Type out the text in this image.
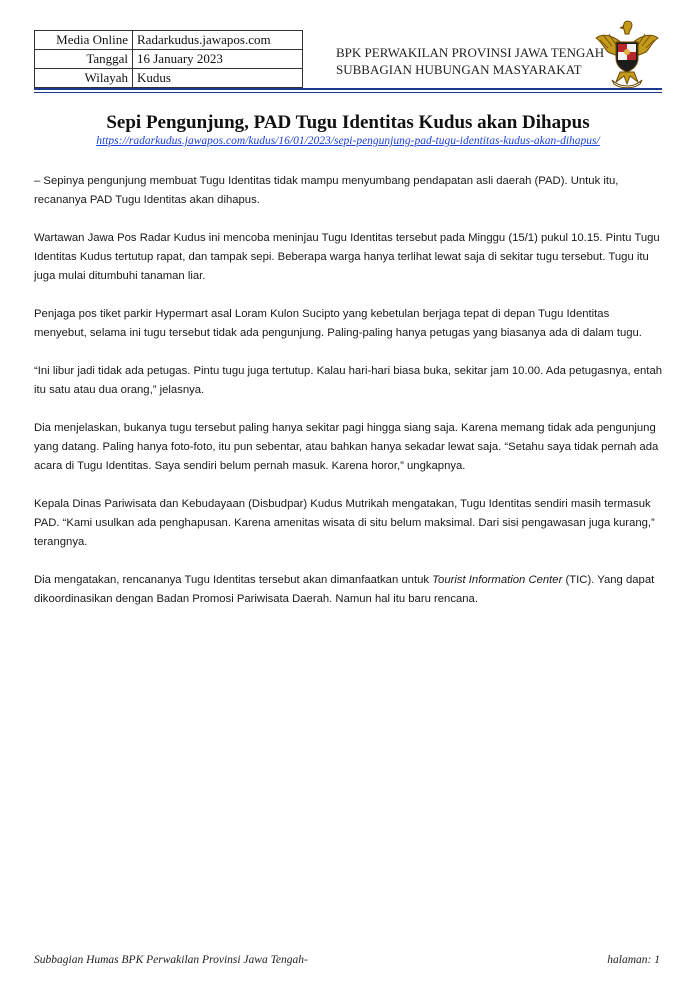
Media Online	Radarkudus.jawapos.com
Tanggal	16 January 2023
Wilayah	Kudus
BPK PERWAKILAN PROVINSI JAWA TENGAH
SUBBAGIAN HUBUNGAN MASYARAKAT
Sepi Pengunjung, PAD Tugu Identitas Kudus akan Dihapus
https://radarkudus.jawapos.com/kudus/16/01/2023/sepi-pengunjung-pad-tugu-identitas-kudus-akan-dihapus/

– Sepinya pengunjung membuat Tugu Identitas tidak mampu menyumbang pendapatan asli daerah (PAD). Untuk itu, recananya PAD Tugu Identitas akan dihapus.

Wartawan Jawa Pos Radar Kudus ini mencoba meninjau Tugu Identitas tersebut pada Minggu (15/1) pukul 10.15. Pintu Tugu Identitas Kudus tertutup rapat, dan tampak sepi. Beberapa warga hanya terlihat lewat saja di sekitar tugu tersebut. Tugu itu juga mulai ditumbuhi tanaman liar.

Penjaga pos tiket parkir Hypermart asal Loram Kulon Sucipto yang kebetulan berjaga tepat di depan Tugu Identitas menyebut, selama ini tugu tersebut tidak ada pengunjung. Paling-paling hanya petugas yang biasanya ada di dalam tugu.

“Ini libur jadi tidak ada petugas. Pintu tugu juga tertutup. Kalau hari-hari biasa buka, sekitar jam 10.00. Ada petugasnya, entah itu satu atau dua orang,” jelasnya.

Dia menjelaskan, bukanya tugu tersebut paling hanya sekitar pagi hingga siang saja. Karena memang tidak ada pengunjung yang datang. Paling hanya foto-foto, itu pun sebentar, atau bahkan hanya sekadar lewat saja. “Setahu saya tidak pernah ada acara di Tugu Identitas. Saya sendiri belum pernah masuk. Karena horor,” ungkapnya.

Kepala Dinas Pariwisata dan Kebudayaan (Disbudpar) Kudus Mutrikah mengatakan, Tugu Identitas sendiri masih termasuk PAD. “Kami usulkan ada penghapusan. Karena amenitas wisata di situ belum maksimal. Dari sisi pengawasan juga kurang,” terangnya.

Dia mengatakan, rencananya Tugu Identitas tersebut akan dimanfaatkan untuk Tourist Information Center (TIC). Yang dapat dikoordinasikan dengan Badan Promosi Pariwisata Daerah. Namun hal itu baru rencana.

Subbagian Humas BPK Perwakilan Provinsi Jawa Tengah-	halaman: 1
